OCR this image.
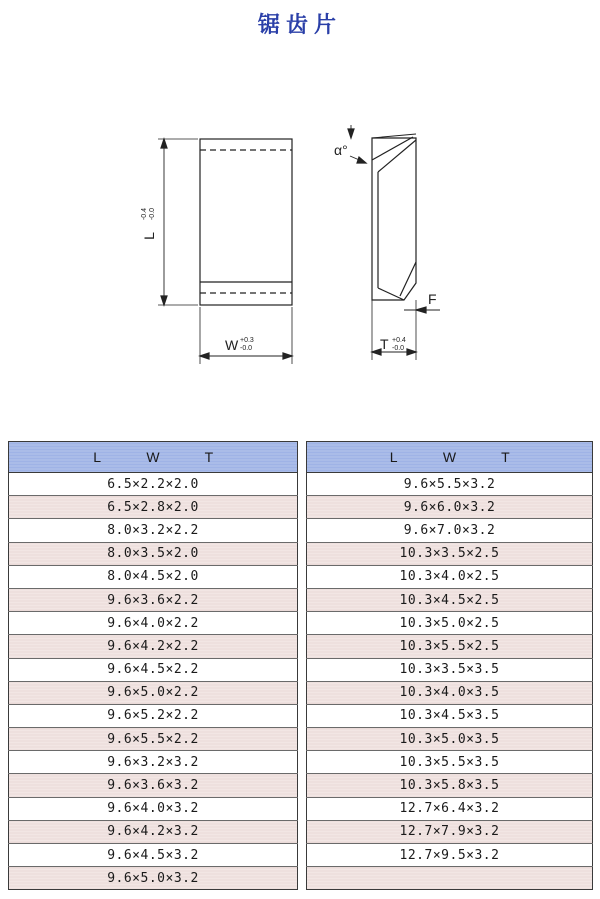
锯齿片
L
-0.4 -0.0
W +0.3
-0.0	T +0.4
-0.0
α°
F
L	W	T
6.5×2.2×2.0
6.5×2.8×2.0
8.0×3.2×2.2
8.0×3.5×2.0
8.0×4.5×2.0
9.6×3.6×2.2
9.6×4.0×2.2
9.6×4.2×2.2
9.6×4.5×2.2
9.6×5.0×2.2
9.6×5.2×2.2
9.6×5.5×2.2
9.6×3.2×3.2
9.6×3.6×3.2
9.6×4.0×3.2
9.6×4.2×3.2
9.6×4.5×3.2
9.6×5.0×3.2
L	W	T
9.6×5.5×3.2
9.6×6.0×3.2
9.6×7.0×3.2
10.3×3.5×2.5
10.3×4.0×2.5
10.3×4.5×2.5
10.3×5.0×2.5
10.3×5.5×2.5
10.3×3.5×3.5
10.3×4.0×3.5
10.3×4.5×3.5
10.3×5.0×3.5
10.3×5.5×3.5
10.3×5.8×3.5
12.7×6.4×3.2
12.7×7.9×3.2
12.7×9.5×3.2
